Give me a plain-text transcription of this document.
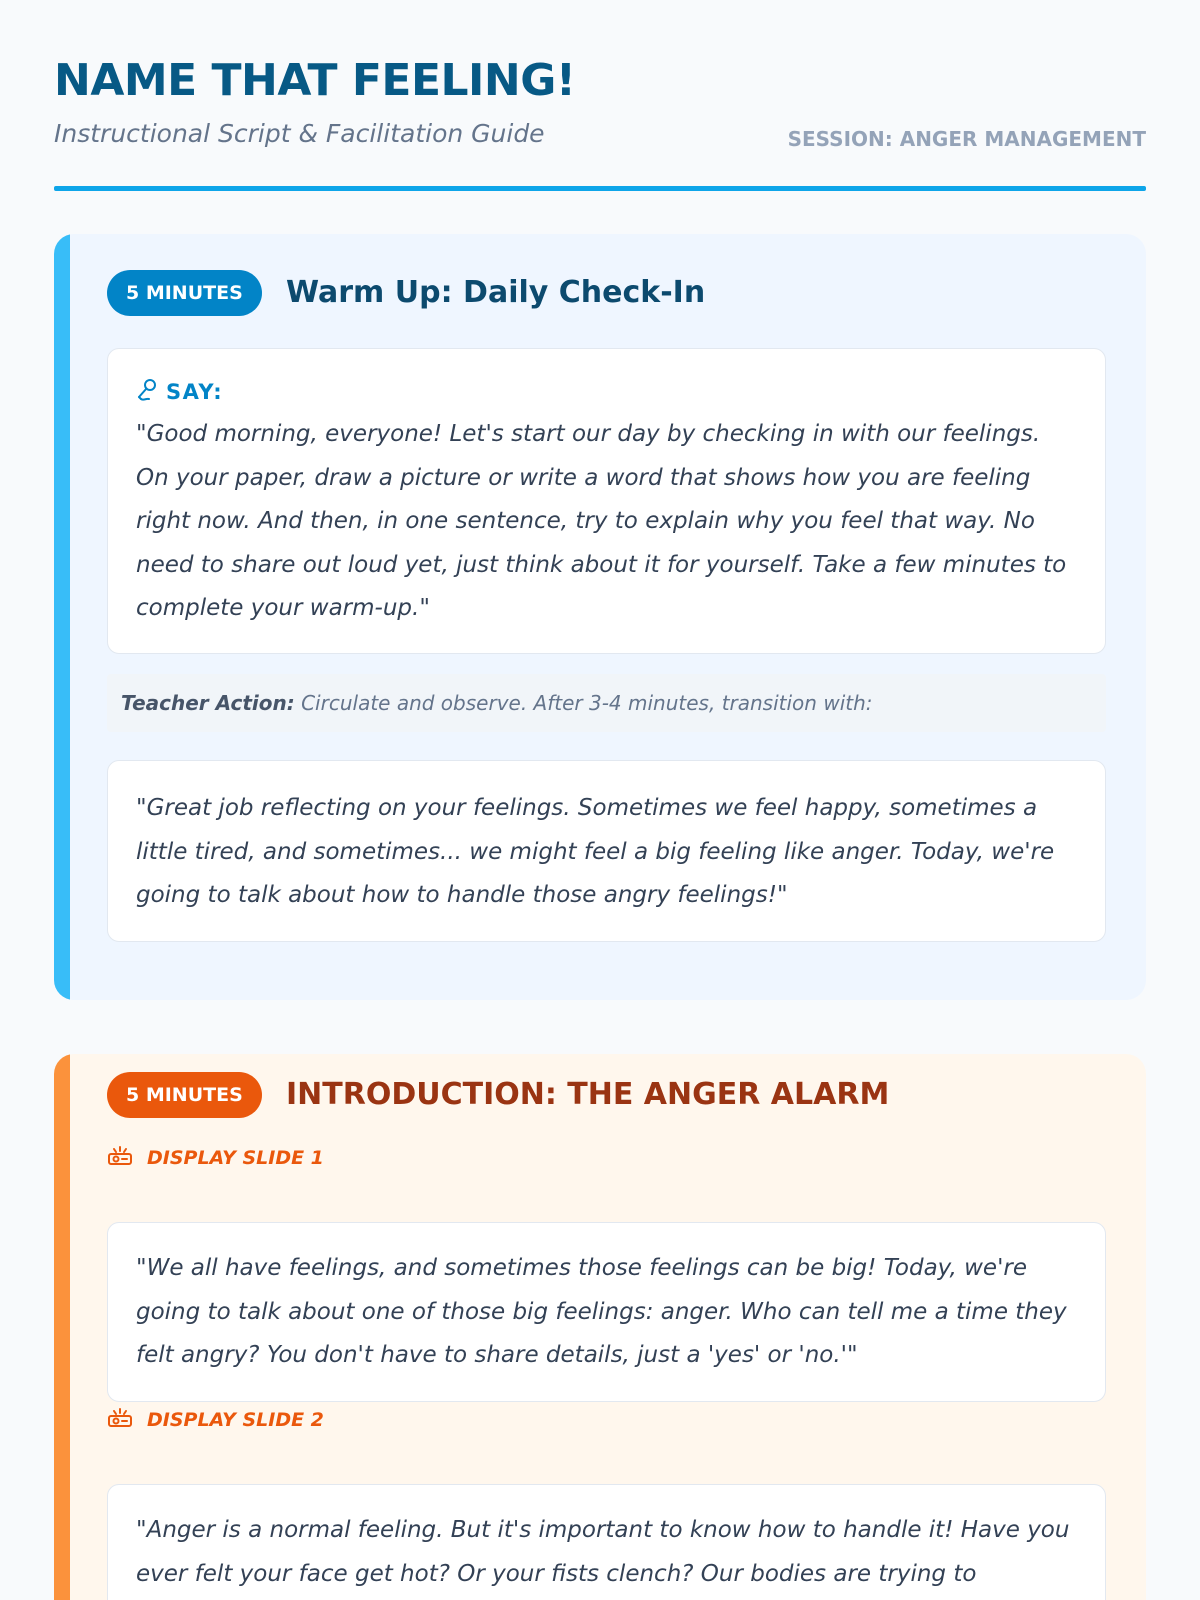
NAME THAT FEELING!
Instructional Script & Facilitation Guide	SESSION: ANGER MANAGEMENT
5 MINUTES	Warm Up: Daily Check-In
SAY:

"Good morning, everyone! Let's start our day by checking in with our feelings. On your paper, draw a picture or write a word that shows how you are feeling right now. And then, in one sentence, try to explain why you feel that way. No need to share out loud yet, just think about it for yourself. Take a few minutes to complete your warm-up."

Teacher Action: Circulate and observe. After 3-4 minutes, transition with:

"Great job reflecting on your feelings. Sometimes we feel happy, sometimes a little tired, and sometimes... we might feel a big feeling like anger. Today, we're going to talk about how to handle those angry feelings!"

5 MINUTES	INTRODUCTION: THE ANGER ALARM
DISPLAY SLIDE 1

"We all have feelings, and sometimes those feelings can be big! Today, we're going to talk about one of those big feelings: anger. Who can tell me a time they felt angry? You don't have to share details, just a 'yes' or 'no.'"

DISPLAY SLIDE 2

"Anger is a normal feeling. But it's important to know how to handle it! Have you ever felt your face get hot? Or your fists clench? Our bodies are trying to
